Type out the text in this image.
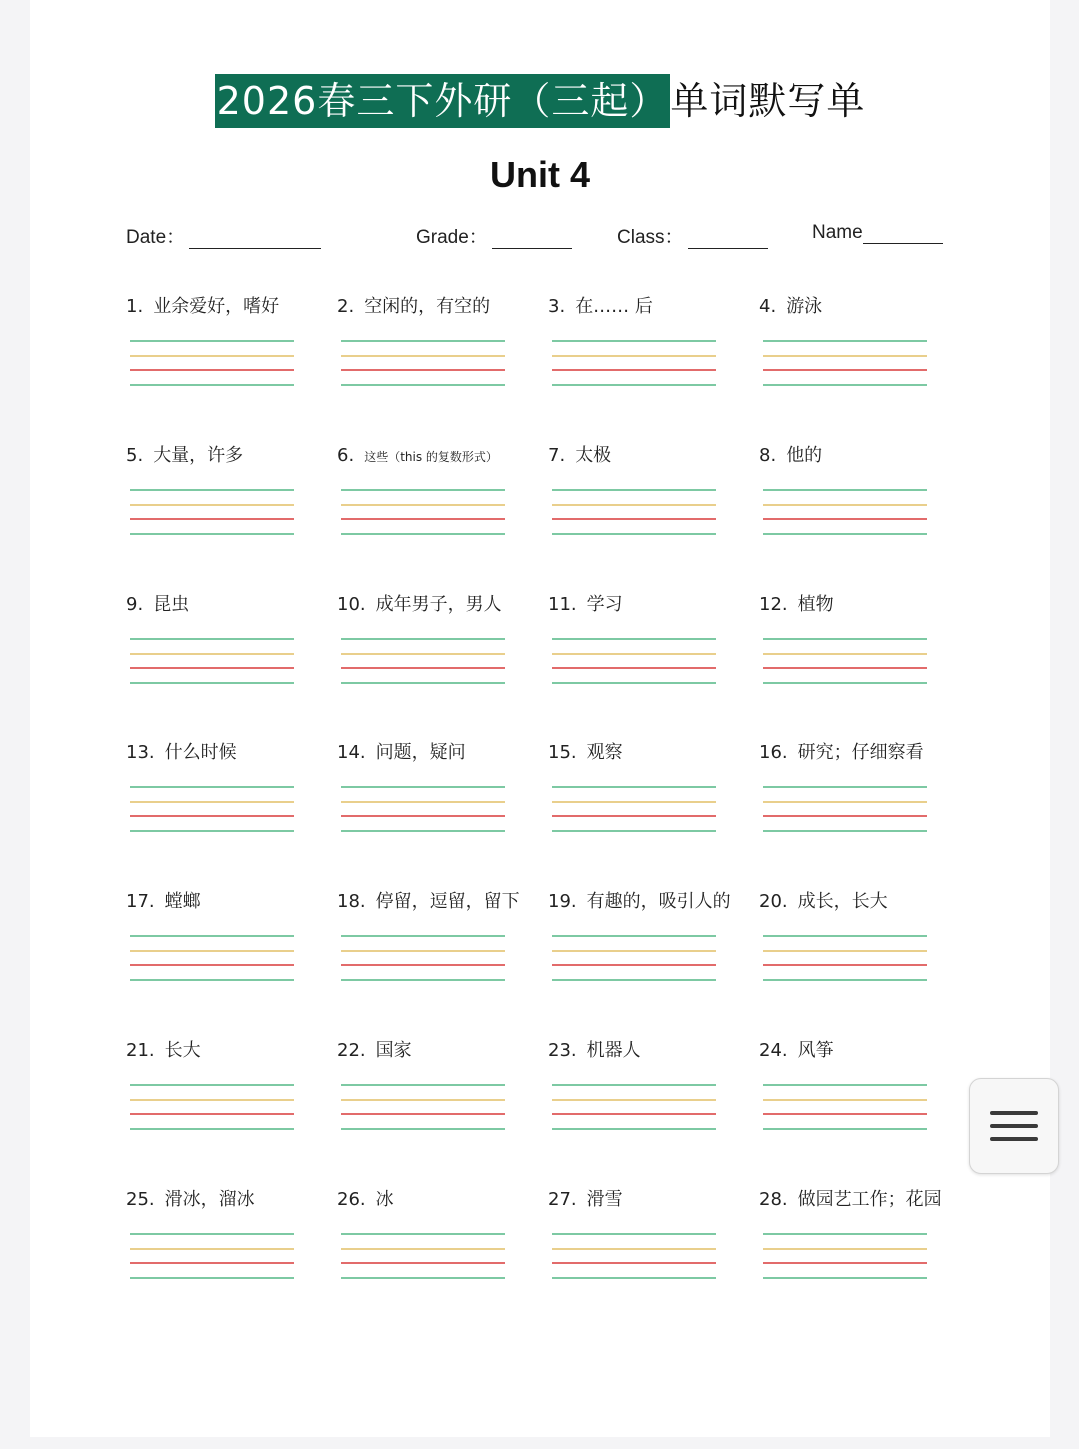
2026春三下外研（三起） 单词默写单
Unit 4
Date：	Grade：	Class：	Name
1. 业余爱好，嗜好	2. 空闲的，有空的	3. 在…… 后	4. 游泳
5. 大量，许多	6. 这些（this 的复数形式）	7. 太极	8. 他的
9. 昆虫	10. 成年男子，男人	11. 学习	12. 植物
13. 什么时候	14. 问题，疑问	15. 观察	16. 研究；仔细察看
17. 螳螂	18. 停留，逗留，留下	19. 有趣的，吸引人的	20. 成长，长大
21. 长大	22. 国家	23. 机器人	24. 风筝
25. 滑冰，溜冰	26. 冰	27. 滑雪	28. 做园艺工作；花园
